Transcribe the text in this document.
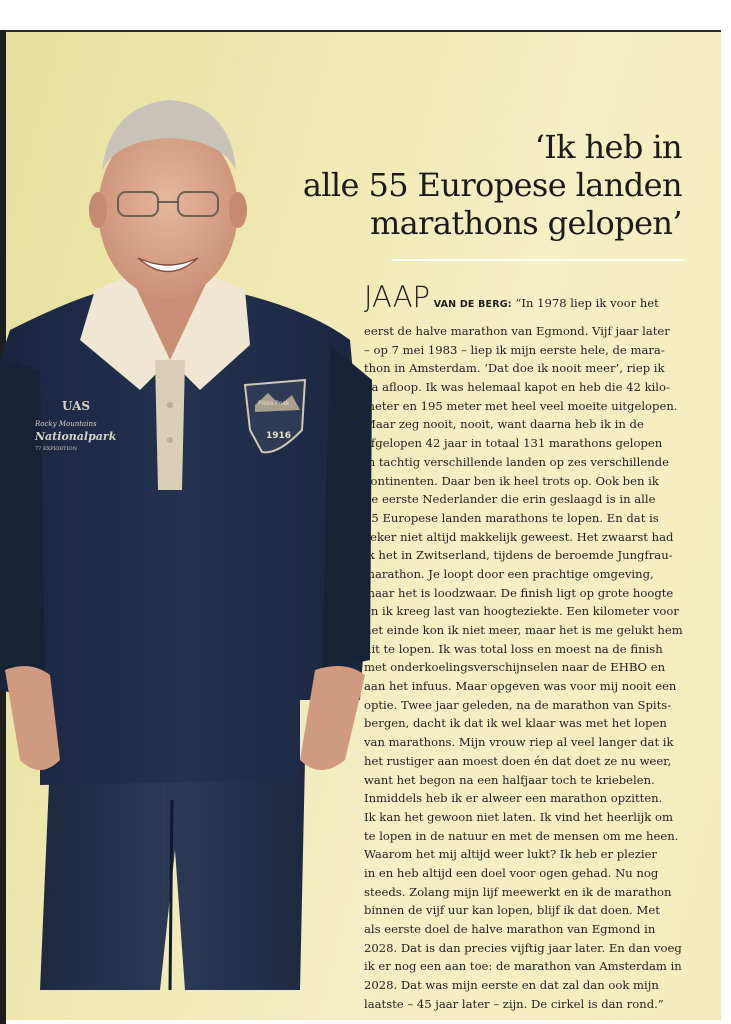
UAS
Rocky Mountains
Nationalpark
77 EXPEDITION
Pikes Peak
1916
‘Ik heb in
alle 55 Europese landen
marathons gelopen’
JAAP VAN DE BERG: “In 1978 liep ik voor het
eerst de halve marathon van Egmond. Vijf jaar later
– op 7 mei 1983 – liep ik mijn eerste hele, de mara-
thon in Amsterdam. ‘Dat doe ik nooit meer’, riep ik
na afloop. Ik was helemaal kapot en heb die 42 kilo-
meter en 195 meter met heel veel moeite uitgelopen.
Maar zeg nooit, nooit, want daarna heb ik in de
afgelopen 42 jaar in totaal 131 marathons gelopen
in tachtig verschillende landen op zes verschillende
continenten. Daar ben ik heel trots op. Ook ben ik
de eerste Nederlander die erin geslaagd is in alle
55 Europese landen marathons te lopen. En dat is
zeker niet altijd makkelijk geweest. Het zwaarst had
ik het in Zwitserland, tijdens de beroemde Jungfrau-
marathon. Je loopt door een prachtige omgeving,
maar het is loodzwaar. De finish ligt op grote hoogte
en ik kreeg last van hoogteziekte. Een kilometer voor
het einde kon ik niet meer, maar het is me gelukt hem
uit te lopen. Ik was total loss en moest na de finish
met onderkoelingsverschijnselen naar de EHBO en
aan het infuus. Maar opgeven was voor mij nooit een
optie. Twee jaar geleden, na de marathon van Spits-
bergen, dacht ik dat ik wel klaar was met het lopen
van marathons. Mijn vrouw riep al veel langer dat ik
het rustiger aan moest doen én dat doet ze nu weer,
want het begon na een halfjaar toch te kriebelen.
Inmiddels heb ik er alweer een marathon opzitten.
Ik kan het gewoon niet laten. Ik vind het heerlijk om
te lopen in de natuur en met de mensen om me heen.
Waarom het mij altijd weer lukt? Ik heb er plezier
in en heb altijd een doel voor ogen gehad. Nu nog
steeds. Zolang mijn lijf meewerkt en ik de marathon
binnen de vijf uur kan lopen, blijf ik dat doen. Met
als eerste doel de halve marathon van Egmond in
2028. Dat is dan precies vijftig jaar later. En dan voeg
ik er nog een aan toe: de marathon van Amsterdam in
2028. Dat was mijn eerste en dat zal dan ook mijn
laatste – 45 jaar later – zijn. De cirkel is dan rond.”
